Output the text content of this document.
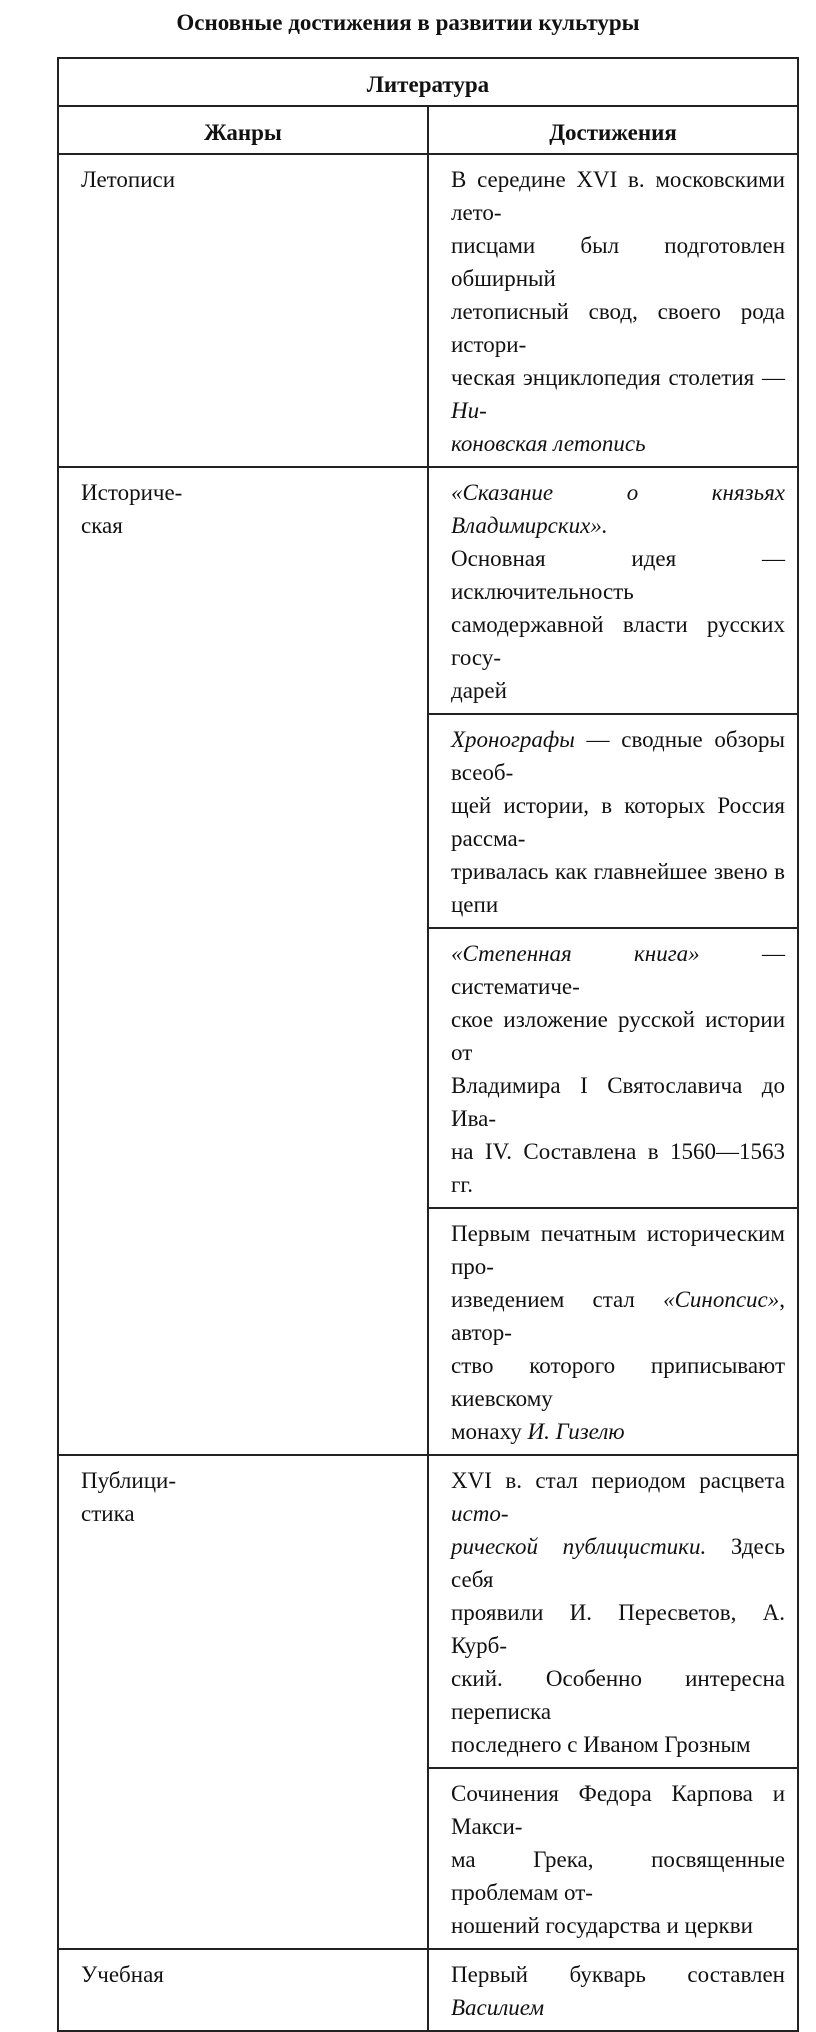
Основные достижения в развитии культуры
Литература	
Жанры	Достижения
Летописи	В середине XVI в. московскими лето-
писцами был подготовлен обширный
летописный свод, своего рода истори-
ческая энциклопедия столетия — Ни-
коновская летопись
Историче-
ская	«Сказание о князьях Владимирских».
Основная идея — исключительность
самодержавной власти русских госу-
дарей
	Хронографы — сводные обзоры всеоб-
щей истории, в которых Россия рассма-
тривалась как главнейшее звено в цепи
	«Степенная книга» — систематиче-
ское изложение русской истории от
Владимира I Святославича до Ива-
на IV. Составлена в 1560—1563 гг.
	Первым печатным историческим про-
изведением стал «Синопсис», автор-
ство которого приписывают киевскому
монаху И. Гизелю
Публици-
стика	XVI в. стал периодом расцвета исто-
рической публицистики. Здесь себя
проявили И. Пересветов, А. Курб-
ский. Особенно интересна переписка
последнего с Иваном Грозным
	Сочинения Федора Карпова и Макси-
ма Грека, посвященные проблемам от-
ношений государства и церкви
Учебная	Первый букварь составлен Василием
